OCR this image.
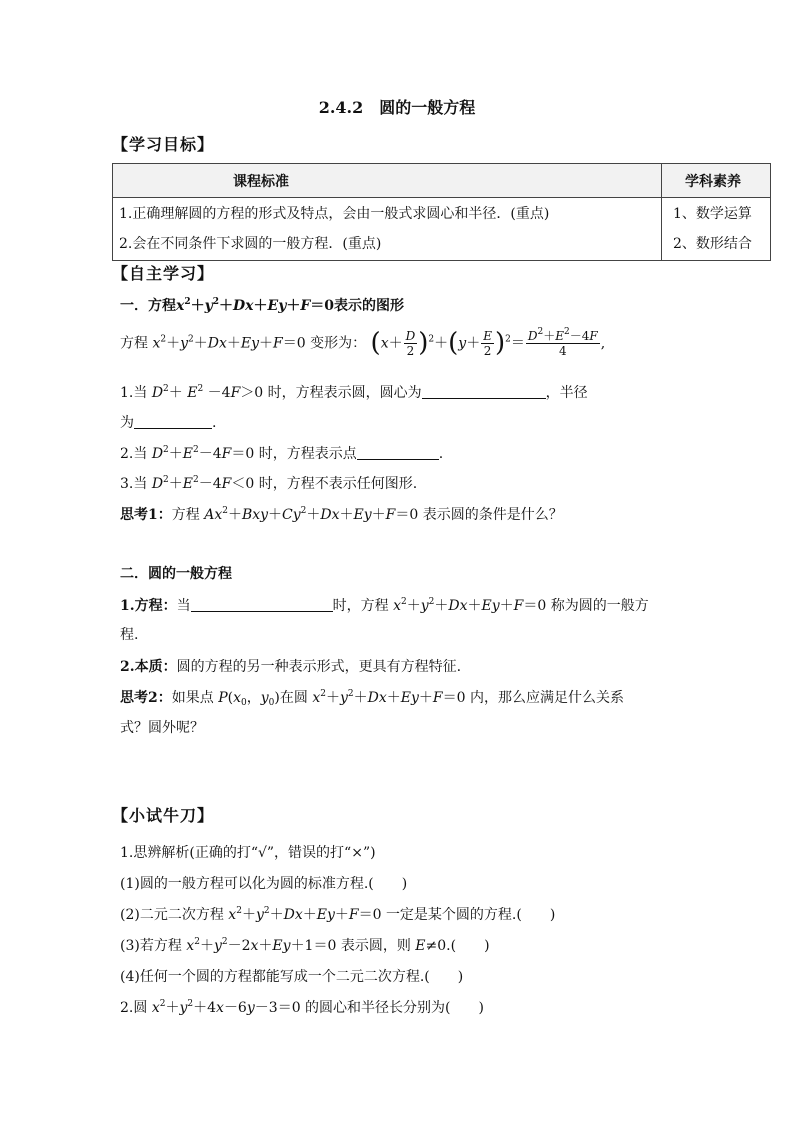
2.4.2　圆的一般方程
【学习目标】
课程标准	学科素养
1.正确理解圆的方程的形式及特点，会由一般式求圆心和半径．(重点)	1、数学运算
2.会在不同条件下求圆的一般方程．(重点)	2、数形结合
【自主学习】
一．方程$x^2+y^2+Dx+Ey+F=0$表示的图形
方程 $x^2+y^2+Dx+Ey+F=0$ 变形为： $(x+ \frac{D}{2} )^2+(y+ \frac{E}{2} )^2= \frac{D^2+E^2-4F}{4}$ ,
1.当 $D^2+ E^2 -4F>0$ 时，方程表示圆，圆心为	，半径
为	.
2.当 $D^2+E^2-4F=0$ 时，方程表示点	.
3.当 $D^2+E^2-4F<0$ 时，方程不表示任何图形.
思考1：方程 $Ax^2+Bxy+Cy^2+Dx+Ey+F=0$ 表示圆的条件是什么？
二．圆的一般方程
1.方程：当	时，方程 $x^2+y^2+Dx+Ey+F=0$ 称为圆的一般方
程.
2.本质：圆的方程的另一种表示形式，更具有方程特征.
思考2：如果点 $P(x_0$，$y_0$)在圆 $x^2+y^2+Dx+Ey+F=0$ 内，那么应满足什么关系
式？圆外呢？
【小试牛刀】
1.思辨解析(正确的打“√”，错误的打“×”)
(1)圆的一般方程可以化为圆的标准方程.(　　)
(2)二元二次方程 $x^2+y^2+Dx+Ey+F=0$ 一定是某个圆的方程.(　　)
(3)若方程 $x^2+y^2-2x+Ey+1=0$ 表示圆，则 E≠0.(　　)
(4)任何一个圆的方程都能写成一个二元二次方程.(　　)
2.圆 $x^2+y^2+4x-6y-3=0$ 的圆心和半径长分别为(　　)
